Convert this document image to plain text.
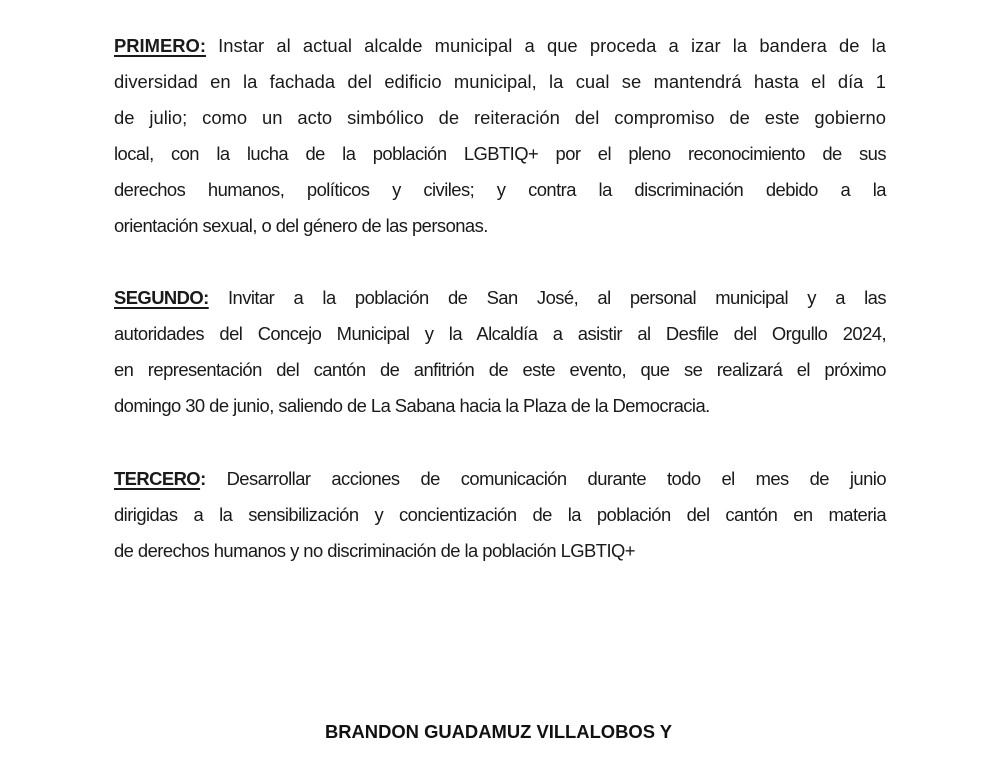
PRIMERO: Instar al actual alcalde municipal a que proceda a izar la bandera de la
diversidad en la fachada del edificio municipal, la cual se mantendrá hasta el día 1
de julio; como un acto simbólico de reiteración del compromiso de este gobierno
local, con la lucha de la población LGBTIQ+ por el pleno reconocimiento de sus
derechos humanos, políticos y civiles; y contra la discriminación debido a la
orientación sexual, o del género de las personas.
SEGUNDO: Invitar a la población de San José, al personal municipal y a las
autoridades del Concejo Municipal y la Alcaldía a asistir al Desfile del Orgullo 2024,
en representación del cantón de anfitrión de este evento, que se realizará el próximo
domingo 30 de junio, saliendo de La Sabana hacia la Plaza de la Democracia.
TERCERO: Desarrollar acciones de comunicación durante todo el mes de junio
dirigidas a la sensibilización y concientización de la población del cantón en materia
de derechos humanos y no discriminación de la población LGBTIQ+
BRANDON GUADAMUZ VILLALOBOS Y
